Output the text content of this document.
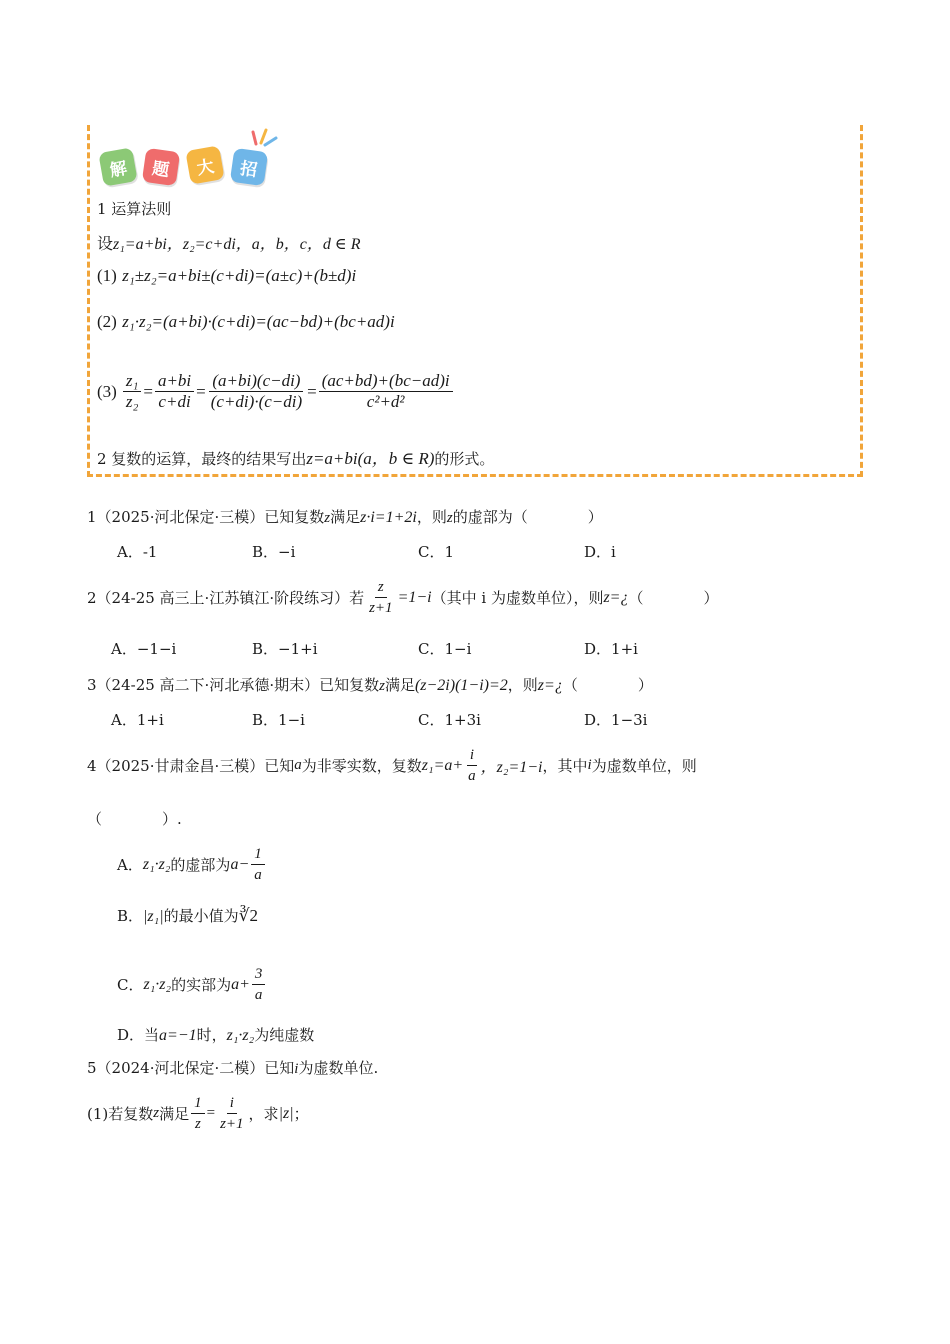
解	题	大	招
1 运算法则
设z₁=a+bi，z₂=c+di，a，b，c，d ∈ R
(1) z₁±z₂=a+bi±(c+di)=(a±c)+(b±d)i
(2) z₁·z₂=(a+bi)·(c+di)=(ac−bd)+(bc+ad)i
$(3) \frac{\text{z₁}}{\text{z₂}} = \frac{a+bi}{c+di} = \frac{(a+bi)(c-di)}{(c+di)\cdot(c-di)} = \frac{(ac+bd)+(bc-ad)i}{\text{c²+d²}}$
2 复数的运算，最终的结果写出z=a+bi(a，b ∈ R)的形式。
1（2025·河北保定·三模）已知复数z满足z·i=1+2i，则z的虚部为（　　　　）
A．-1	B．−i	C．1	D．i
2（24-25 高三上·江苏镇江·阶段练习）若 $\frac{z}{z+1} =1-i$ （其中 i 为虚数单位），则 z=¿ （　　　　）
A．−1−i	B．−1+i	C．1−i	D．1+i
3（24-25 高二下·河北承德·期末）已知复数z满足(z−2i)(1−i)=2，则z=¿（　　　　）
A．1+i	B．1−i	C．1+3i	D．1−3i
4（2025·甘肃金昌·三模）已知 a 为非零实数，复数 $z_1=a+ \frac{i}{a}$ ，z₂=1−i ，其中 i 为虚数单位，则
（　　　　）.
A． z₁·z₂ 的虚部为 $a- \frac{1}{a}$
B．|z₁|的最小值为∛2
C． z₁·z₂ 的实部为 $a+ \frac{3}{a}$
D．当a=−1时，z₁·z₂为纯虚数
5（2024·河北保定·二模）已知i为虚数单位.
(1)若复数 z 满足 $\frac{1}{z} = \frac{i}{z+1}$ ，求 |z| ；
